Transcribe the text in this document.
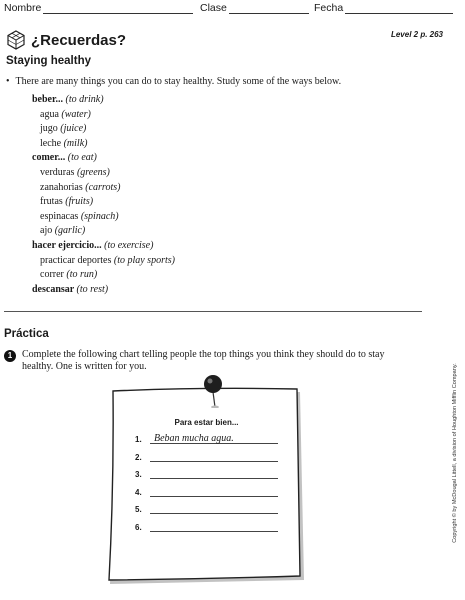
Nombre	Clase	Fecha
¿Recuerdas?	Level 2 p. 263
Staying healthy
• There are many things you can do to stay healthy. Study some of the ways below.
beber... (to drink)
agua (water)
jugo (juice)
leche (milk)
comer... (to eat)
verduras (greens)
zanahorias (carrots)
frutas (fruits)
espinacas (spinach)
ajo (garlic)
hacer ejercicio... (to exercise)
practicar deportes (to play sports)
correr (to run)
descansar (to rest)
Práctica
1 Complete the following chart telling people the top things you think they should do to stay healthy. One is written for you.	Copyright © by McDougal Littell, a division of Houghton Mifflin Company.
Para estar bien...
1.	Beban mucha agua.
2.
3.
4.
5.
6.
